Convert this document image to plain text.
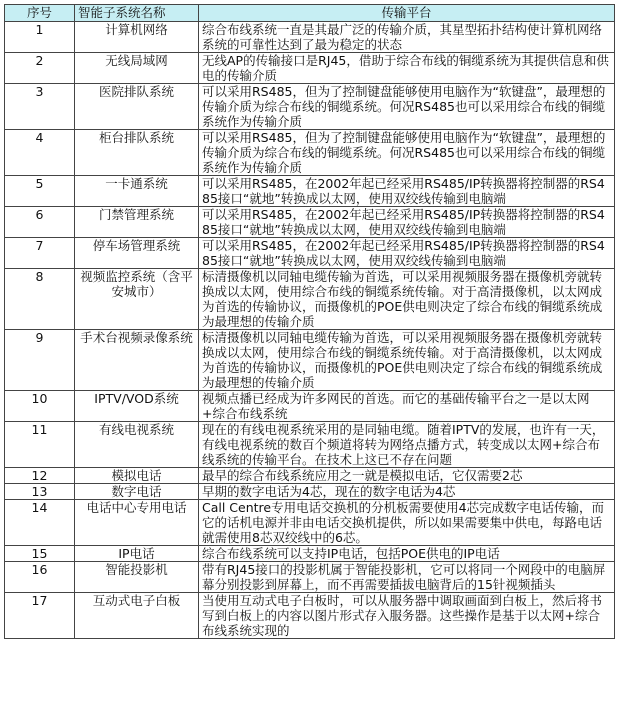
序号	智能子系统名称	传输平台
1	计算机网络	综合布线系统一直是其最广泛的传输介质，其星型拓扑结构使计算机网络系统的可靠性达到了最为稳定的状态
2	无线局域网	无线AP的传输接口是RJ45，借助于综合布线的铜缆系统为其提供信息和供电的传输介质
3	医院排队系统	可以采用RS485，但为了控制键盘能够使用电脑作为“软键盘”，最理想的传输介质为综合布线的铜缆系统。何况RS485也可以采用综合布线的铜缆系统作为传输介质
4	柜台排队系统	可以采用RS485，但为了控制键盘能够使用电脑作为“软键盘”，最理想的传输介质为综合布线的铜缆系统。何况RS485也可以采用综合布线的铜缆系统作为传输介质
5	一卡通系统	可以采用RS485，在2002年起已经采用RS485/IP转换器将控制器的RS485接口“就地”转换成以太网，使用双绞线传输到电脑端
6	门禁管理系统	可以采用RS485，在2002年起已经采用RS485/IP转换器将控制器的RS485接口“就地”转换成以太网，使用双绞线传输到电脑端
7	停车场管理系统	可以采用RS485，在2002年起已经采用RS485/IP转换器将控制器的RS485接口“就地”转换成以太网，使用双绞线传输到电脑端
8	视频监控系统（含平安城市）	标清摄像机以同轴电缆传输为首选，可以采用视频服务器在摄像机旁就转换成以太网，使用综合布线的铜缆系统传输。对于高清摄像机，以太网成为首选的传输协议，而摄像机的POE供电则决定了综合布线的铜缆系统成为最理想的传输介质
9	手术台视频录像系统	标清摄像机以同轴电缆传输为首选，可以采用视频服务器在摄像机旁就转换成以太网，使用综合布线的铜缆系统传输。对于高清摄像机，以太网成为首选的传输协议，而摄像机的POE供电则决定了综合布线的铜缆系统成为最理想的传输介质
10	IPTV/VOD系统	视频点播已经成为许多网民的首选。而它的基础传输平台之一是以太网+综合布线系统
11	有线电视系统	现在的有线电视系统采用的是同轴电缆。随着IPTV的发展，也许有一天，有线电视系统的数百个频道将转为网络点播方式，转变成以太网+综合布线系统的传输平台。在技术上这已不存在问题
12	模拟电话	最早的综合布线系统应用之一就是模拟电话，它仅需要2芯
13	数字电话	早期的数字电话为4芯，现在的数字电话为4芯
14	电话中心专用电话	Call Centre专用电话交换机的分机板需要使用4芯完成数字电话传输，而它的话机电源并非由电话交换机提供，所以如果需要集中供电，每路电话就需使用8芯双绞线中的6芯。
15	IP电话	综合布线系统可以支持IP电话，包括POE供电的IP电话
16	智能投影机	带有RJ45接口的投影机属于智能投影机，它可以将同一个网段中的电脑屏幕分别投影到屏幕上，而不再需要插拔电脑背后的15针视频插头
17	互动式电子白板	当使用互动式电子白板时，可以从服务器中调取画面到白板上，然后将书写到白板上的内容以图片形式存入服务器。这些操作是基于以太网+综合布线系统实现的
